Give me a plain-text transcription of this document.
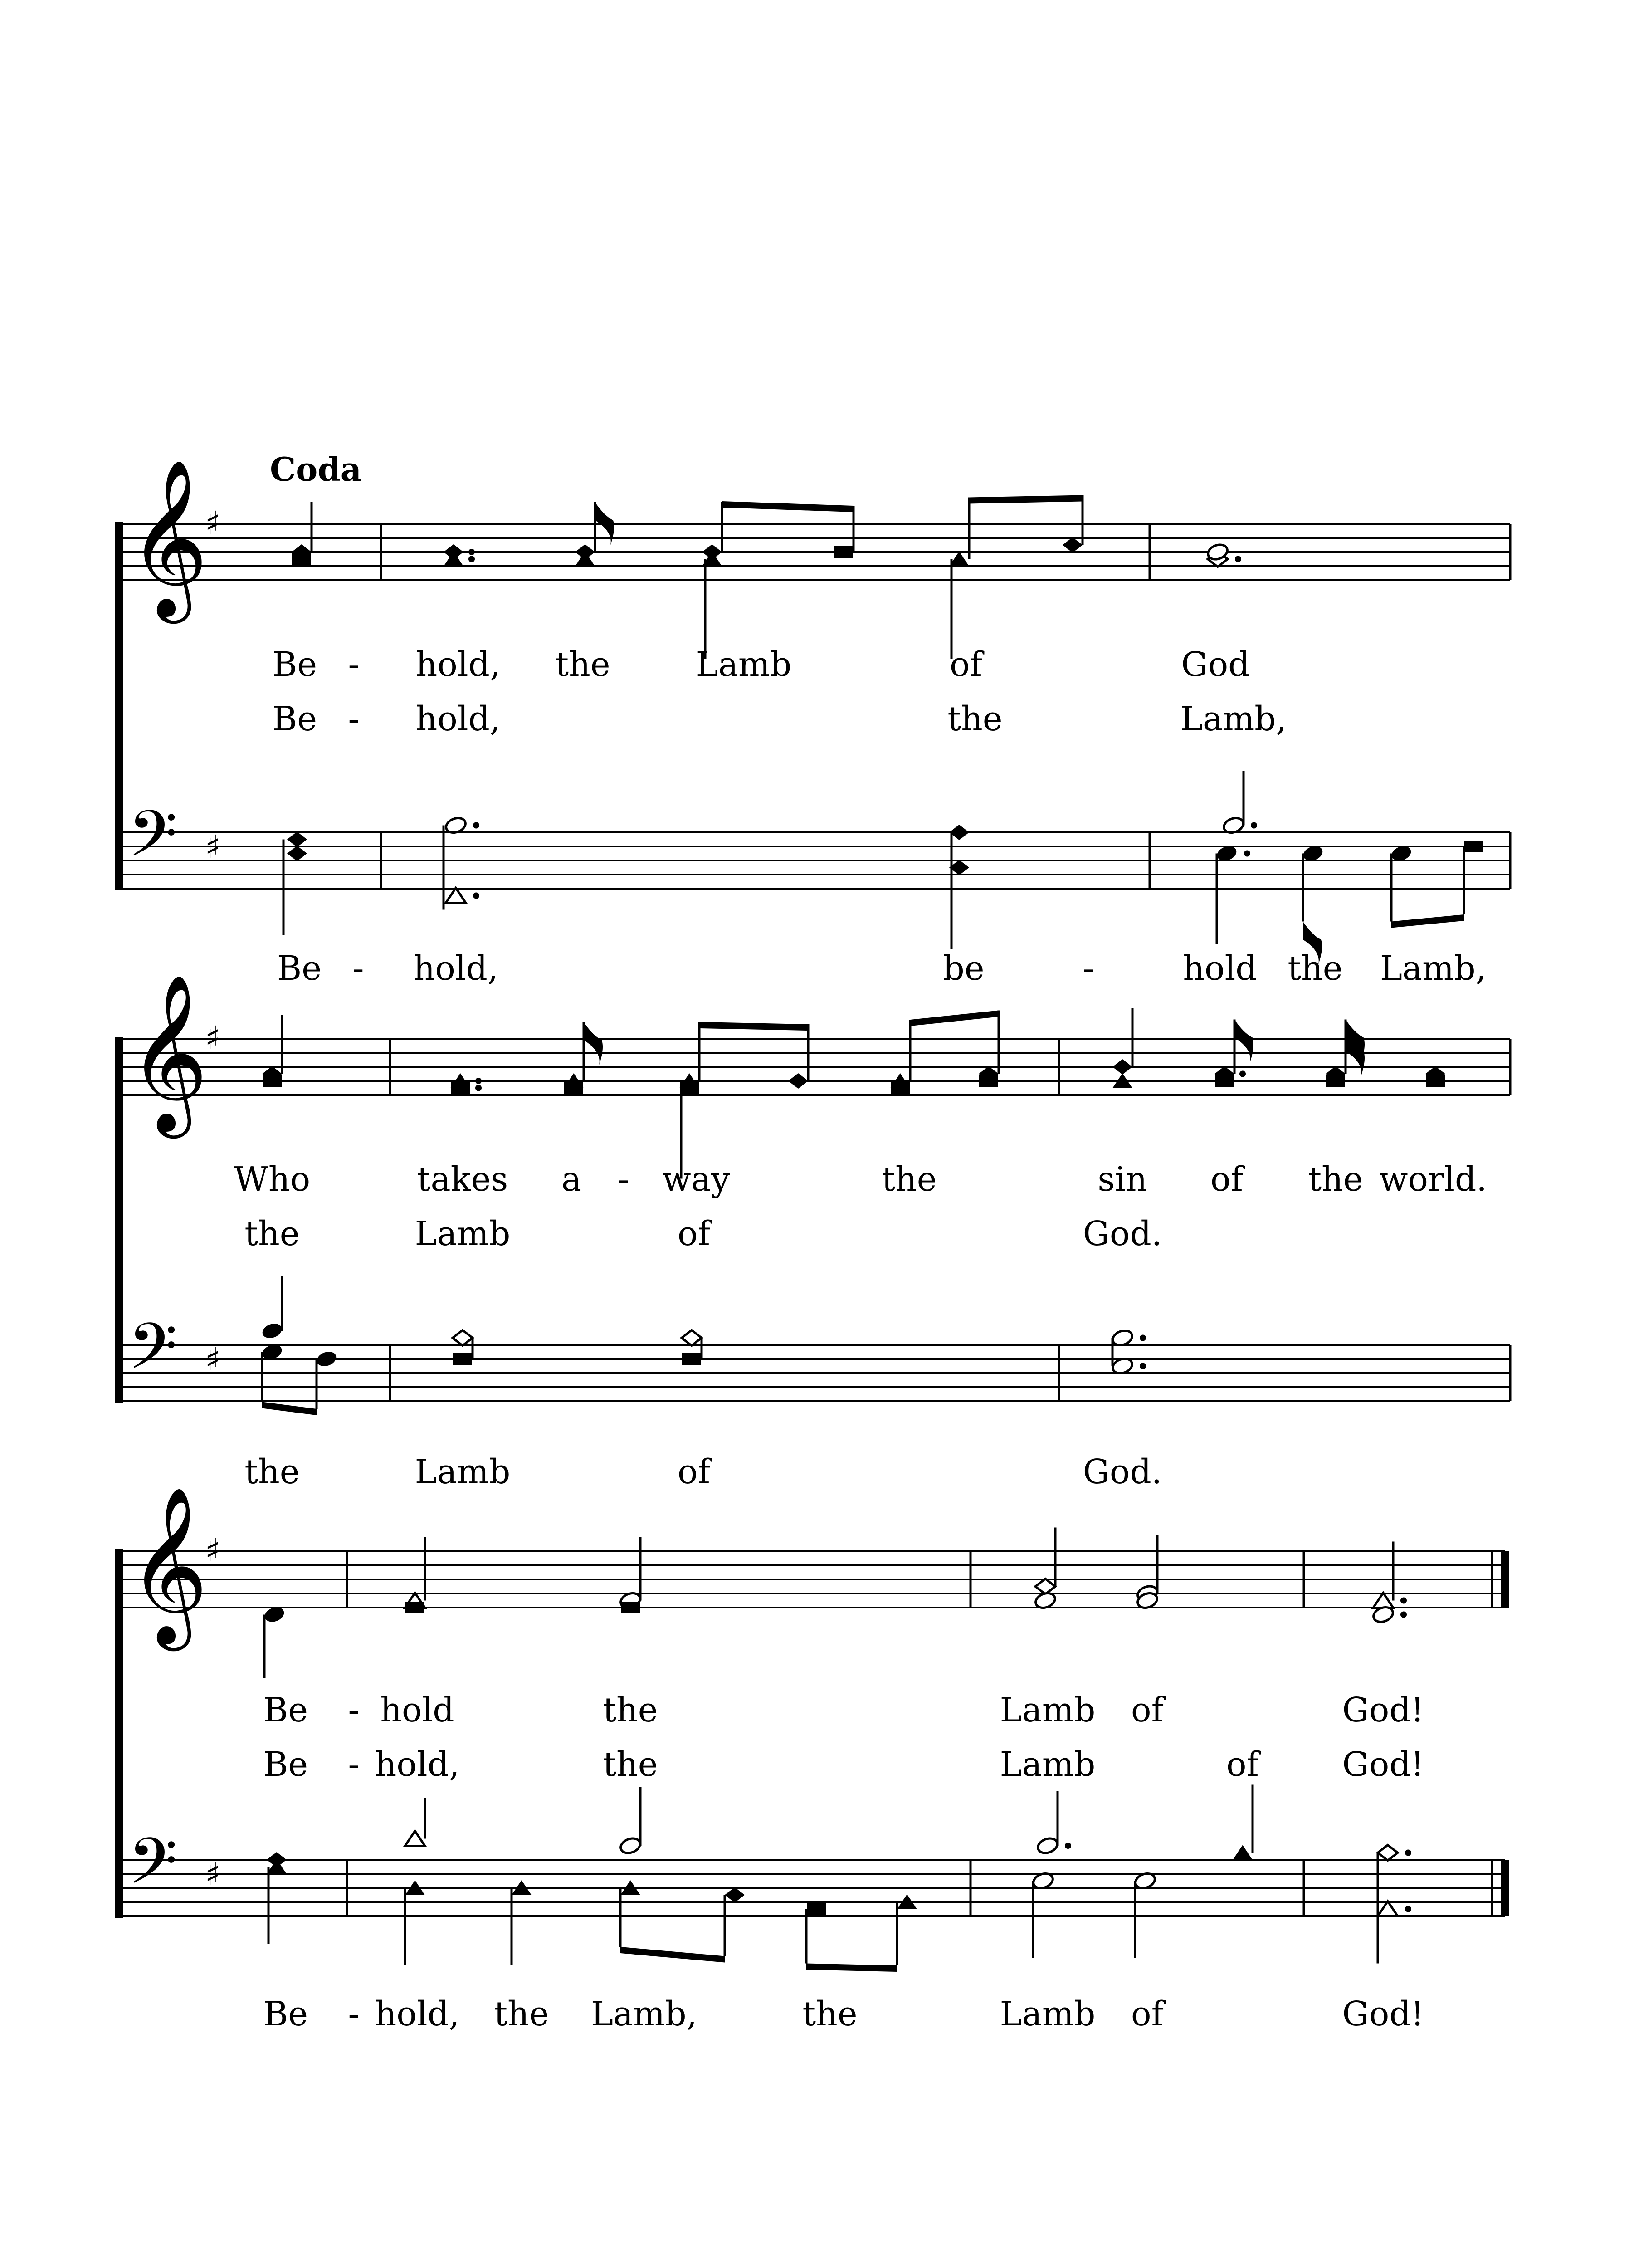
𝄞
𝄢
♯
♯
Coda
Be	hold, the	Lamb	of	God
-
Be	hold,	the	Lamb,
-
Be	hold,	be	hold the Lamb,
-	-
𝄞
𝄢
♯
♯
Who	takes a way	the	sin of the world.
-
the	Lamb	of	God.
the	Lamb	of	God.
𝄞
𝄢
♯
♯
Be hold	the	Lamb of	God!
-
Be hold,	the	Lamb	of God!
-
Be hold, the Lamb,	the	Lamb of	God!
-
